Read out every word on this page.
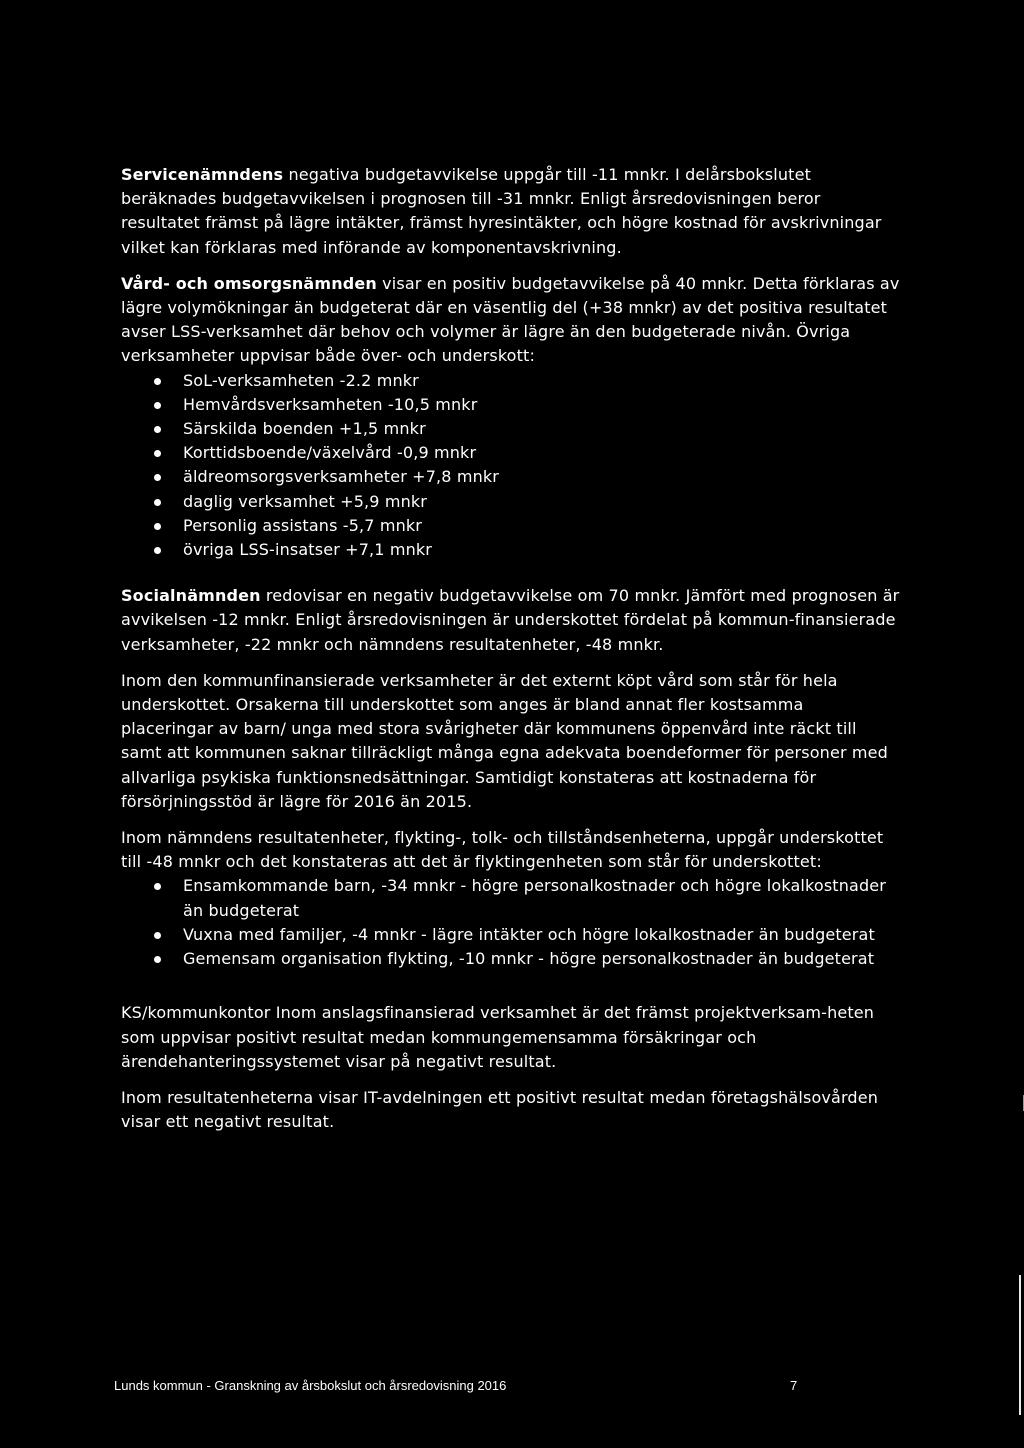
Servicenämndens negativa budgetavvikelse uppgår till -11 mnkr. I delårsbokslutet beräknades budgetavvikelsen i prognosen till -31 mnkr. Enligt årsredovisningen beror resultatet främst på lägre intäkter, främst hyresintäkter, och högre kostnad för avskrivningar vilket kan förklaras med införande av komponentavskrivning.

Vård- och omsorgsnämnden visar en positiv budgetavvikelse på 40 mnkr. Detta förklaras av lägre volymökningar än budgeterat där en väsentlig del (+38 mnkr) av det positiva resultatet avser LSS-verksamhet där behov och volymer är lägre än den budgeterade nivån. Övriga verksamheter uppvisar både över- och underskott:

SoL-verksamheten -2.2 mnkr
Hemvårdsverksamheten -10,5 mnkr
Särskilda boenden +1,5 mnkr
Korttidsboende/växelvård -0,9 mnkr
äldreomsorgsverksamheter +7,8 mnkr
daglig verksamhet +5,9 mnkr
Personlig assistans -5,7 mnkr
övriga LSS-insatser +7,1 mnkr

Socialnämnden redovisar en negativ budgetavvikelse om 70 mnkr. Jämfört med prognosen är avvikelsen -12 mnkr. Enligt årsredovisningen är underskottet fördelat på kommun-finansierade verksamheter, -22 mnkr och nämndens resultatenheter, -48 mnkr.

Inom den kommunfinansierade verksamheter är det externt köpt vård som står för hela underskottet. Orsakerna till underskottet som anges är bland annat fler kostsamma placeringar av barn/ unga med stora svårigheter där kommunens öppenvård inte räckt till samt att kommunen saknar tillräckligt många egna adekvata boendeformer för personer med allvarliga psykiska funktionsnedsättningar. Samtidigt konstateras att kostnaderna för försörjningsstöd är lägre för 2016 än 2015.

Inom nämndens resultatenheter, flykting-, tolk- och tillståndsenheterna, uppgår underskottet till -48 mnkr och det konstateras att det är flyktingenheten som står för underskottet:

Ensamkommande barn, -34 mnkr - högre personalkostnader och högre lokalkostnader än budgeterat
Vuxna med familjer, -4 mnkr - lägre intäkter och högre lokalkostnader än budgeterat
Gemensam organisation flykting, -10 mnkr - högre personalkostnader än budgeterat

KS/kommunkontor Inom anslagsfinansierad verksamhet är det främst projektverksam-heten som uppvisar positivt resultat medan kommungemensamma försäkringar och ärendehanteringssystemet visar på negativt resultat.

Inom resultatenheterna visar IT-avdelningen ett positivt resultat medan företagshälsovården visar ett negativt resultat.

Lunds kommun - Granskning av årsbokslut och årsredovisning 2016	7
